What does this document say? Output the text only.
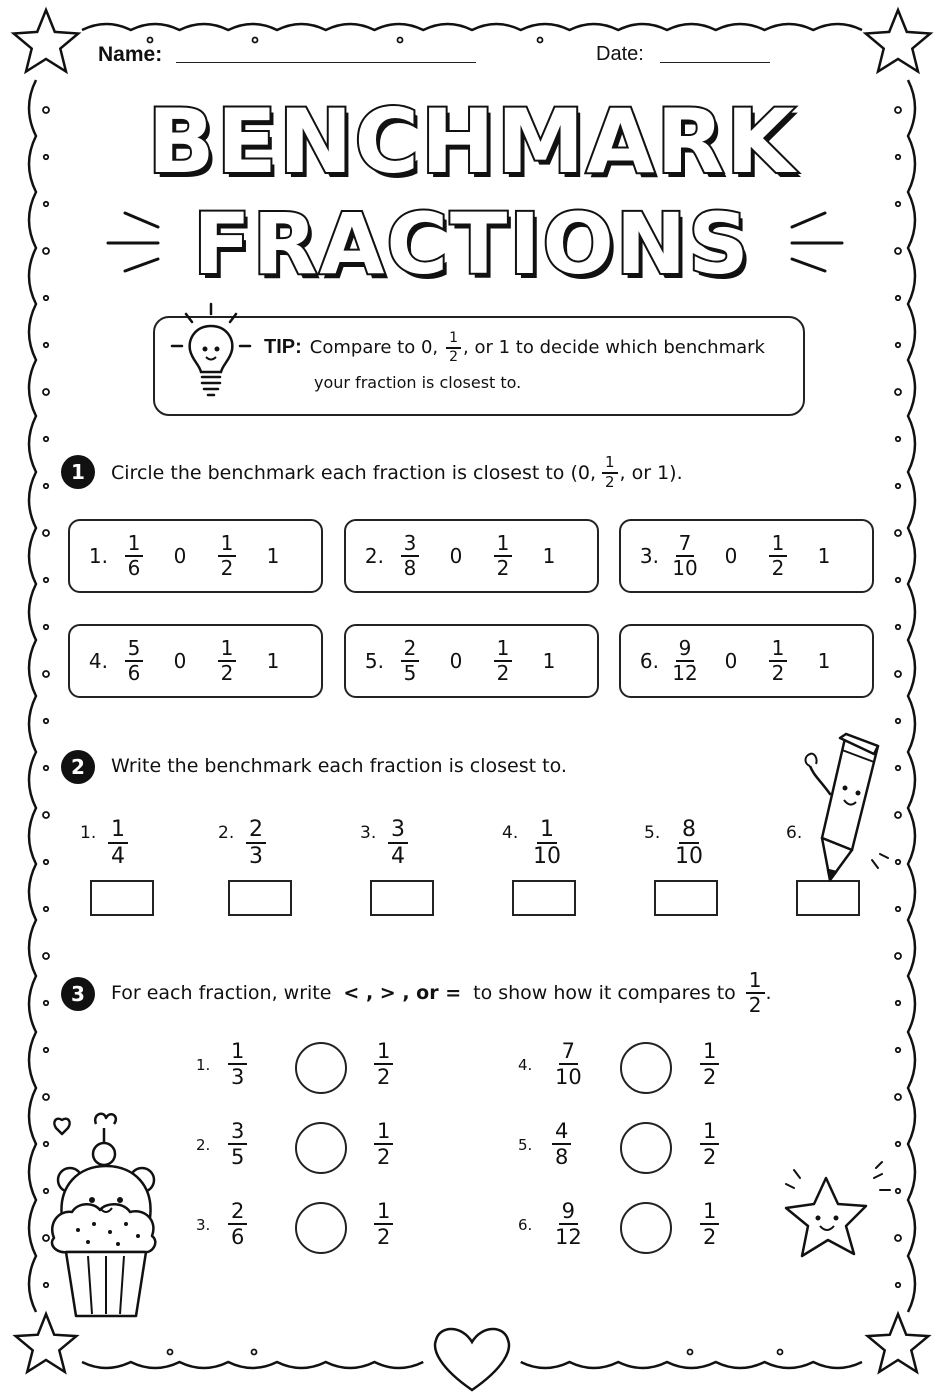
Name:	Date:
BENCHMARK
FRACTIONS
TIP: Compare to 0, $\frac{1}{2}$ , or 1 to decide which benchmark
your fraction is closest to.
1	Circle the benchmark each fraction is closest to (0, $\frac{1}{2}$ , or 1).
1. $\frac{1}{6}$	0	$\frac{1}{2}$	1	2. $\frac{3}{8}$	0	$\frac{1}{2}$	1	3. $\frac{7}{10}$	0	$\frac{1}{2}$	1
4. $\frac{5}{6}$	0	$\frac{1}{2}$	1	5. $\frac{2}{5}$	0	$\frac{1}{2}$	1	6. $\frac{9}{12}$	0	$\frac{1}{2}$	1
2	Write the benchmark each fraction is closest to.
1. $\frac{1}{4}$	2. $\frac{2}{3}$	3. $\frac{3}{4}$	4. $\frac{1}{10}$	5. $\frac{8}{10}$	6.
3	For each fraction, write < , > , or = to show how it compares to $\frac{1}{2}$ .
1. $\frac{1}{3}$	$\frac{1}{2}$
2. $\frac{3}{5}$	$\frac{1}{2}$
3. $\frac{2}{6}$	$\frac{1}{2}$
4. $\frac{7}{10}$	$\frac{1}{2}$
5. $\frac{4}{8}$	$\frac{1}{2}$
6. $\frac{9}{12}$	$\frac{1}{2}$
